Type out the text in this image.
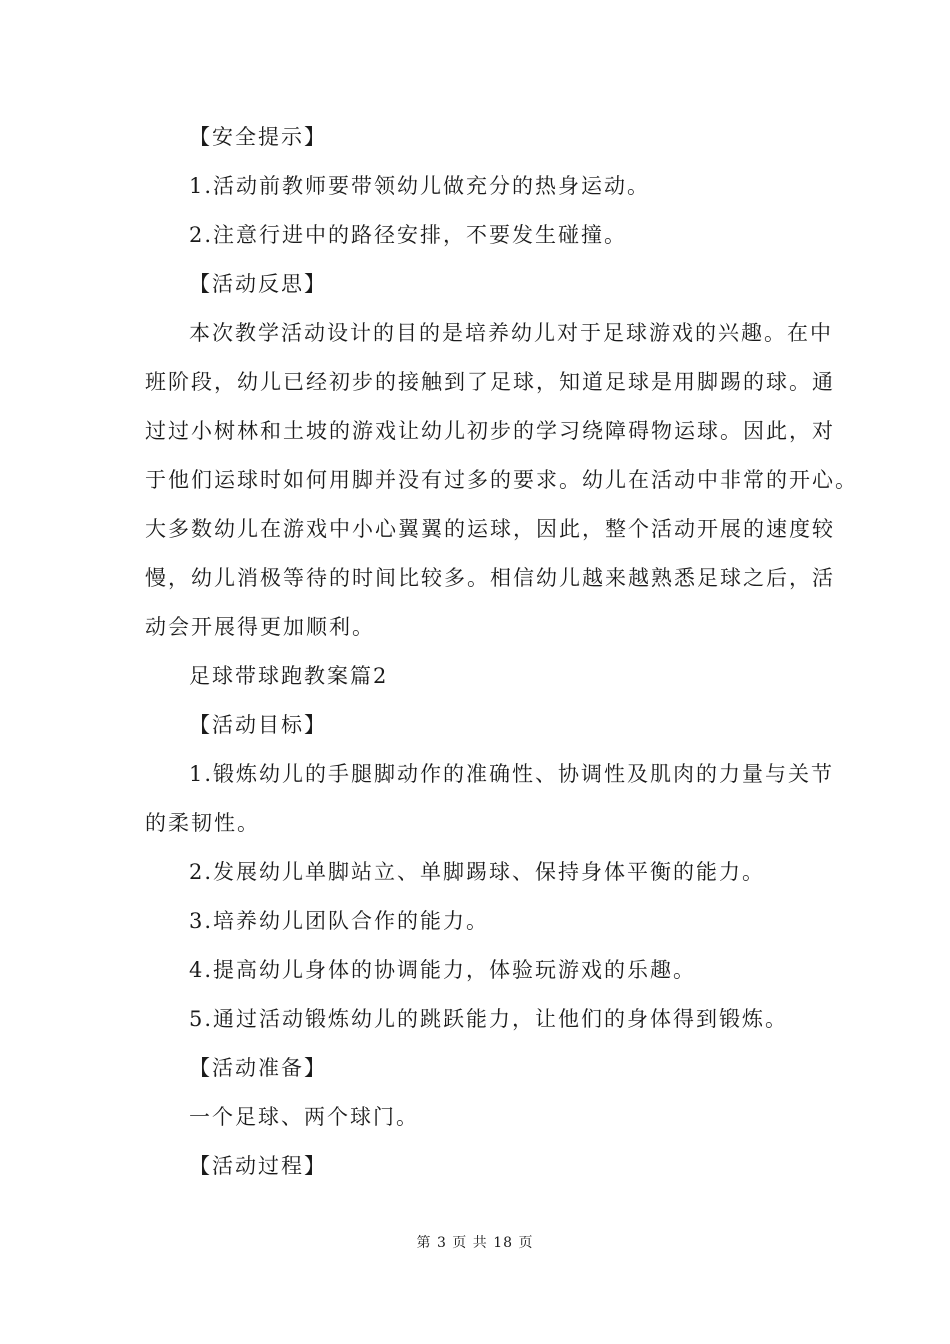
【安全提示】

1.活动前教师要带领幼儿做充分的热身运动。

2.注意行进中的路径安排，不要发生碰撞。

【活动反思】

本次教学活动设计的目的是培养幼儿对于足球游戏的兴趣。在中

班阶段，幼儿已经初步的接触到了足球，知道足球是用脚踢的球。通

过过小树林和土坡的游戏让幼儿初步的学习绕障碍物运球。因此，对

于他们运球时如何用脚并没有过多的要求。幼儿在活动中非常的开心。

大多数幼儿在游戏中小心翼翼的运球，因此，整个活动开展的速度较

慢，幼儿消极等待的时间比较多。相信幼儿越来越熟悉足球之后，活

动会开展得更加顺利。

足球带球跑教案篇2

【活动目标】

1.锻炼幼儿的手腿脚动作的准确性、协调性及肌肉的力量与关节

的柔韧性。

2.发展幼儿单脚站立、单脚踢球、保持身体平衡的能力。

3.培养幼儿团队合作的能力。

4.提高幼儿身体的协调能力，体验玩游戏的乐趣。

5.通过活动锻炼幼儿的跳跃能力，让他们的身体得到锻炼。

【活动准备】

一个足球、两个球门。

【活动过程】

第 3 页 共 18 页
